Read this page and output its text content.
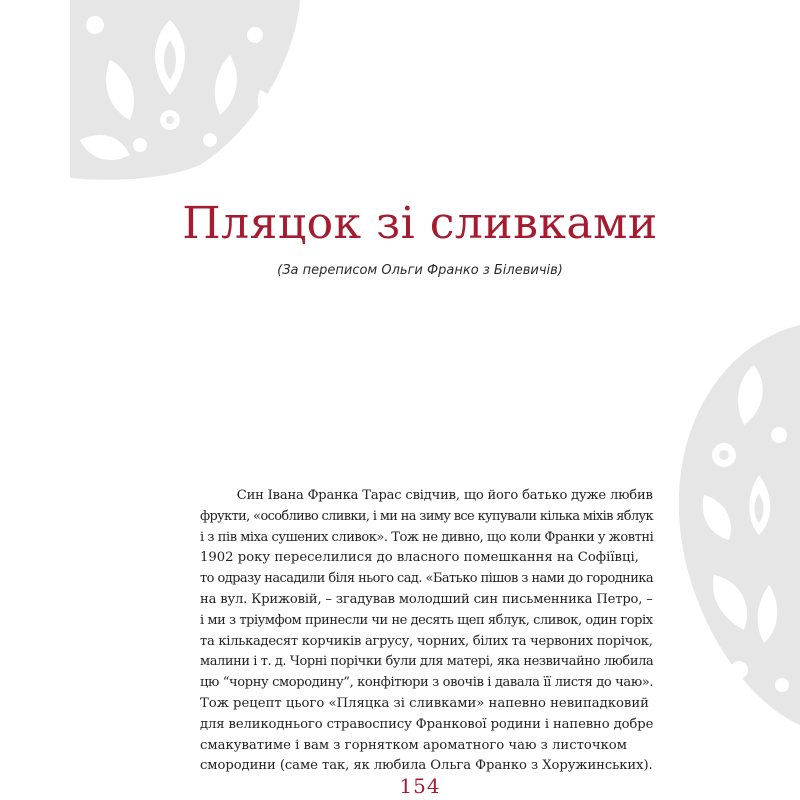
Пляцок зі сливками

(За переписом Ольги Франко з Білевичів)

Син Івана Франка Тарас свідчив, що його батько дуже любив
фрукти, «особливо сливки, і ми на зиму все купували кілька міхів яблук
і з пів міха сушених сливок». Тож не дивно, що коли Франки у жовтні
1902 року переселилися до власного помешкання на Софіївці,
то одразу насадили біля нього сад. «Батько пішов з нами до городника
на вул. Крижовій, – згадував молодший син письменника Петро, –
і ми з тріумфом принесли чи не десять щеп яблук, сливок, один горіх
та кількадесят корчиків агрусу, чорних, білих та червоних порічок,
малини і т. д. Чорні порічки були для матері, яка незвичайно любила
цю “чорну смородину”, конфітюри з овочів і давала її листя до чаю».
Тож рецепт цього «Пляцка зі сливками» напевно невипадковий
для великоднього стравоспису Франкової родини і напевно добре
смакуватиме і вам з горнятком ароматного чаю з листочком
смородини (саме так, як любила Ольга Франко з Хоружинських).

154
